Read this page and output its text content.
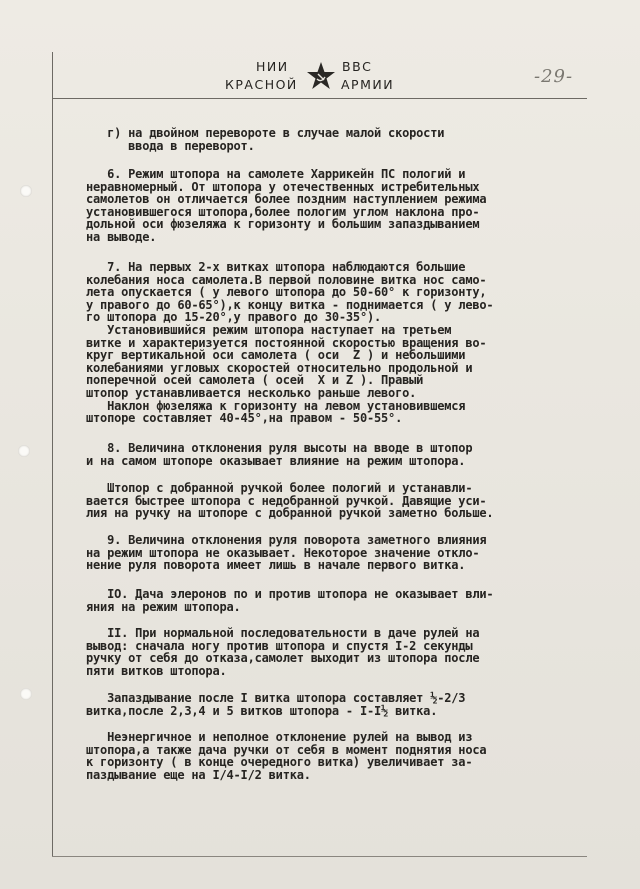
НИИ
КРАСНОЙ
ВВС
АРМИИ	-29-
г) на двойном перевороте в случае малой скорости
ввода в переворот.
6. Режим штопора на самолете Харрикейн ПС пологий и
неравномерный. От штопора у отечественных истребительных
самолетов он отличается более поздним наступлением режима
установившегося штопора,более пологим углом наклона про-
дольной оси фюзеляжа к горизонту и большим запаздыванием
на выводе.
7. На первых 2-х витках штопора наблюдаются большие
колебания носа самолета.В первой половине витка нос само-
лета опускается ( у левого штопора до 50-60° к горизонту,
у правого до 60-65°),к концу витка - поднимается ( у лево-
го штопора до 15-20°,у правого до 30-35°).
Установившийся режим штопора наступает на третьем
витке и характеризуется постоянной скоростью вращения во-
круг вертикальной оси самолета ( оси  Z ) и небольшими
колебаниями угловых скоростей относительно продольной и
поперечной осей самолета ( осей  X и Z ). Правый
штопор устанавливается несколько раньше левого.
Наклон фюзеляжа к горизонту на левом установившемся
штопоре составляет 40-45°,на правом - 50-55°.
8. Величина отклонения руля высоты на вводе в штопор
и на самом штопоре оказывает влияние на режим штопора.
Штопор с добранной ручкой более пологий и устанавли-
вается быстрее штопора с недобранной ручкой. Давящие уси-
лия на ручку на штопоре с добранной ручкой заметно больше.
9. Величина отклонения руля поворота заметного влияния
на режим штопора не оказывает. Некоторое значение откло-
нение руля поворота имеет лишь в начале первого витка.
IO. Дача элеронов по и против штопора не оказывает вли-
яния на режим штопора.
II. При нормальной последовательности в даче рулей на
вывод: сначала ногу против штопора и спустя I-2 секунды
ручку от себя до отказа,самолет выходит из штопора после
пяти витков штопора.
Запаздывание после I витка штопора составляет ½-2/3
витка,после 2,3,4 и 5 витков штопора - I-I½ витка.
Неэнергичное и неполное отклонение рулей на вывод из
штопора,а также дача ручки от себя в момент поднятия носа
к горизонту ( в конце очередного витка) увеличивает за-
паздывание еще на I/4-I/2 витка.
